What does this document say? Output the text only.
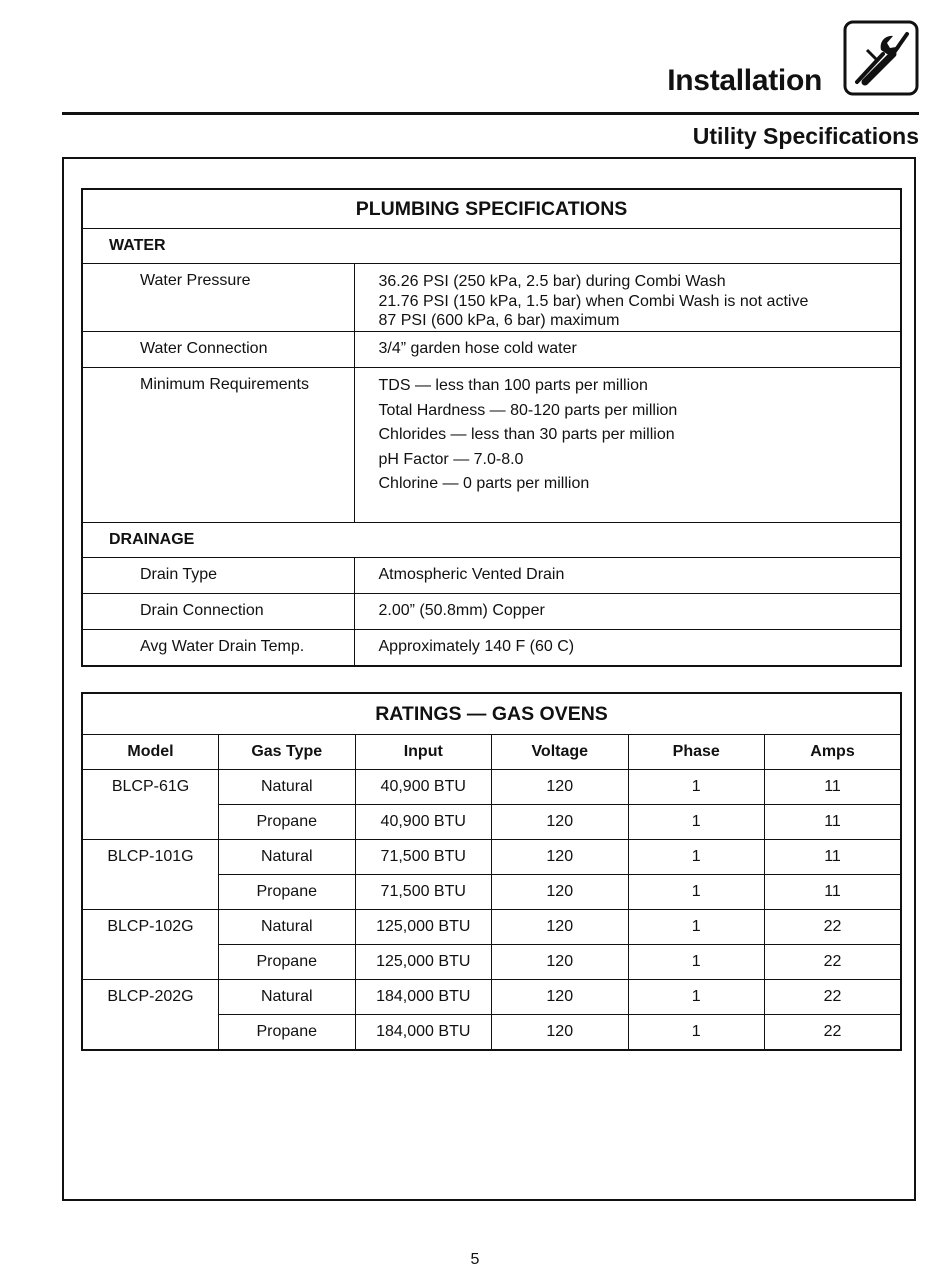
Installation
Utility Specifications
PLUMBING SPECIFICATIONS	
WATER	
Water Pressure	36.26 PSI (250 kPa, 2.5 bar) during Combi Wash
21.76 PSI (150 kPa, 1.5 bar) when Combi Wash is not active
87 PSI (600 kPa, 6 bar) maximum

Water Connection	3/4” garden hose cold water
Minimum Requirements	TDS — less than 100 parts per million
Total Hardness — 80-120 parts per million
Chlorides — less than 30 parts per million
pH Factor — 7.0-8.0
Chlorine — 0 parts per million

DRAINAGE	
Drain Type	Atmospheric Vented Drain
Drain Connection	2.00” (50.8mm) Copper
Avg Water Drain Temp.	Approximately 140 F (60 C)
RATINGS — GAS OVENS					
Model	Gas Type	Input	Voltage	Phase	Amps
BLCP-61G	Natural	40,900 BTU	120	1	11
	Propane	40,900 BTU	120	1	11
BLCP-101G	Natural	71,500 BTU	120	1	11
	Propane	71,500 BTU	120	1	11
BLCP-102G	Natural	125,000 BTU	120	1	22
	Propane	125,000 BTU	120	1	22
BLCP-202G	Natural	184,000 BTU	120	1	22
	Propane	184,000 BTU	120	1	22
5
